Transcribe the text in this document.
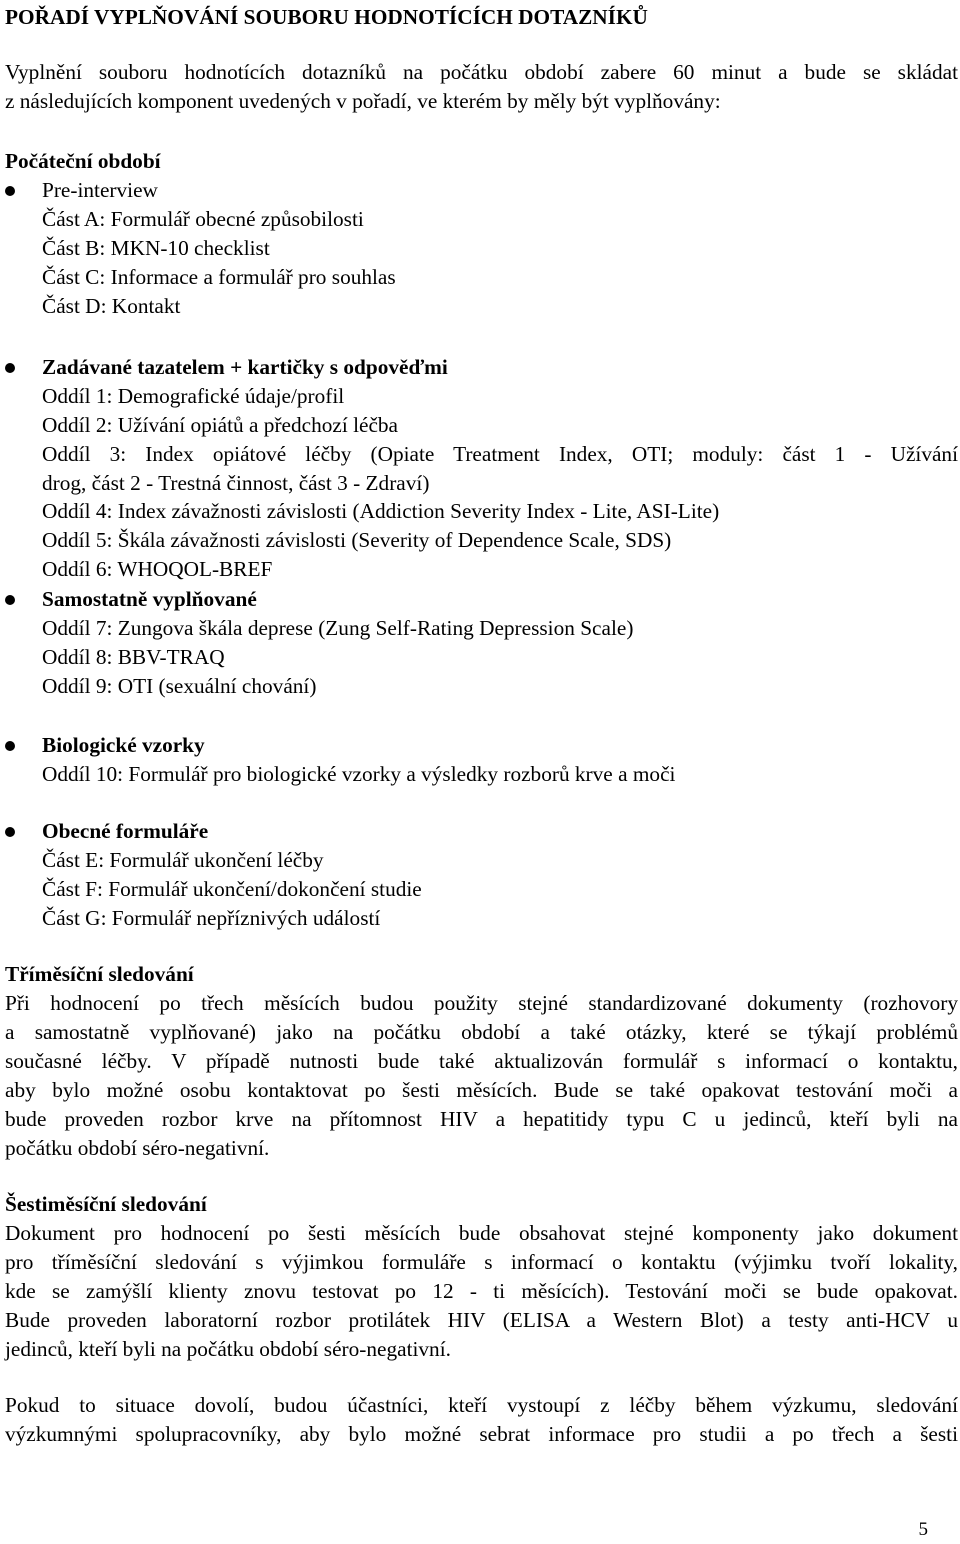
POŘADÍ VYPLŇOVÁNÍ SOUBORU HODNOTÍCÍCH DOTAZNÍKŮ
Vyplnění souboru hodnotících dotazníků na počátku období zabere 60 minut a bude se skládat
z následujících komponent uvedených v pořadí, ve kterém by měly být vyplňovány:
Počáteční období
Pre-interview
Část A: Formulář obecné způsobilosti
Část B: MKN-10 checklist
Část C: Informace a formulář pro souhlas
Část D: Kontakt
Zadávané tazatelem + kartičky s odpověďmi
Oddíl 1: Demografické údaje/profil
Oddíl 2: Užívání opiátů a předchozí léčba
Oddíl 3: Index opiátové léčby (Opiate Treatment Index, OTI; moduly: část 1 - Užívání
drog, část 2 - Trestná činnost, část 3 - Zdraví)
Oddíl 4: Index závažnosti závislosti (Addiction Severity Index - Lite, ASI-Lite)
Oddíl 5: Škála závažnosti závislosti (Severity of Dependence Scale, SDS)
Oddíl 6: WHOQOL-BREF
Samostatně vyplňované
Oddíl 7: Zungova škála deprese (Zung Self-Rating Depression Scale)
Oddíl 8: BBV-TRAQ
Oddíl 9: OTI (sexuální chování)
Biologické vzorky
Oddíl 10: Formulář pro biologické vzorky a výsledky rozborů krve a moči
Obecné formuláře
Část E: Formulář ukončení léčby
Část F: Formulář ukončení/dokončení studie
Část G: Formulář nepříznivých událostí
Tříměsíční sledování
Při hodnocení po třech měsících budou použity stejné standardizované dokumenty (rozhovory
a samostatně vyplňované) jako na počátku období a také otázky, které se týkají problémů
současné léčby. V případě nutnosti bude také aktualizován formulář s informací o kontaktu,
aby bylo možné osobu kontaktovat po šesti měsících. Bude se také opakovat testování moči a
bude proveden rozbor krve na přítomnost HIV a hepatitidy typu C u jedinců, kteří byli na
počátku období séro-negativní.
Šestiměsíční sledování
Dokument pro hodnocení po šesti měsících bude obsahovat stejné komponenty jako dokument
pro tříměsíční sledování s výjimkou formuláře s informací o kontaktu (výjimku tvoří lokality,
kde se zamýšlí klienty znovu testovat po 12 - ti měsících). Testování moči se bude opakovat.
Bude proveden laboratorní rozbor protilátek HIV (ELISA a Western Blot) a testy anti-HCV u
jedinců, kteří byli na počátku období séro-negativní.
Pokud to situace dovolí, budou účastníci, kteří vystoupí z léčby během výzkumu, sledování
výzkumnými spolupracovníky, aby bylo možné sebrat informace pro studii a po třech a šesti
5
